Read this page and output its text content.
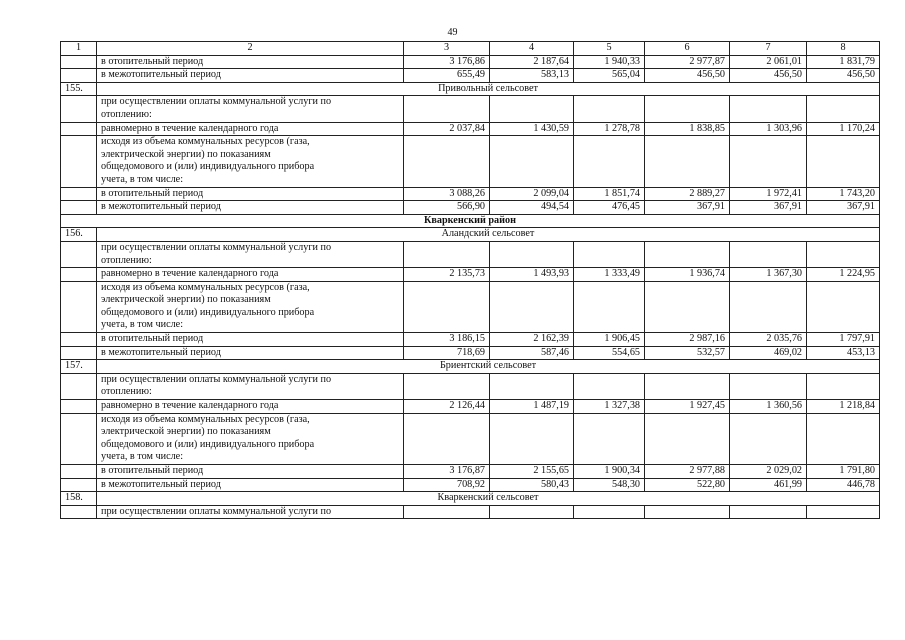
49
1	2	3	4	5	6	7	8
	в отопительный период	3 176,86	2 187,64	1 940,33	2 977,87	2 061,01	1 831,79
	в межотопительный период	655,49	583,13	565,04	456,50	456,50	456,50
155.	Привольный сельсовет						
	при осуществлении оплаты коммунальной услуги по						
	отоплению:						
	равномерно в течение календарного года	2 037,84	1 430,59	1 278,78	1 838,85	1 303,96	1 170,24
	исходя из объема коммунальных ресурсов (газа,						
	электрической энергии) по показаниям						
	общедомового и (или) индивидуального прибора						
	учета, в том числе:						
	в отопительный период	3 088,26	2 099,04	1 851,74	2 889,27	1 972,41	1 743,20
	в межотопительный период	566,90	494,54	476,45	367,91	367,91	367,91
Кваркенский район							
156.	Аландский сельсовет						
	при осуществлении оплаты коммунальной услуги по						
	отоплению:						
	равномерно в течение календарного года	2 135,73	1 493,93	1 333,49	1 936,74	1 367,30	1 224,95
	исходя из объема коммунальных ресурсов (газа,						
	электрической энергии) по показаниям						
	общедомового и (или) индивидуального прибора						
	учета, в том числе:						
	в отопительный период	3 186,15	2 162,39	1 906,45	2 987,16	2 035,76	1 797,91
	в межотопительный период	718,69	587,46	554,65	532,57	469,02	453,13
157.	Бриентский сельсовет						
	при осуществлении оплаты коммунальной услуги по						
	отоплению:						
	равномерно в течение календарного года	2 126,44	1 487,19	1 327,38	1 927,45	1 360,56	1 218,84
	исходя из объема коммунальных ресурсов (газа,						
	электрической энергии) по показаниям						
	общедомового и (или) индивидуального прибора						
	учета, в том числе:						
	в отопительный период	3 176,87	2 155,65	1 900,34	2 977,88	2 029,02	1 791,80
	в межотопительный период	708,92	580,43	548,30	522,80	461,99	446,78
158.	Кваркенский сельсовет						
	при осуществлении оплаты коммунальной услуги по						
